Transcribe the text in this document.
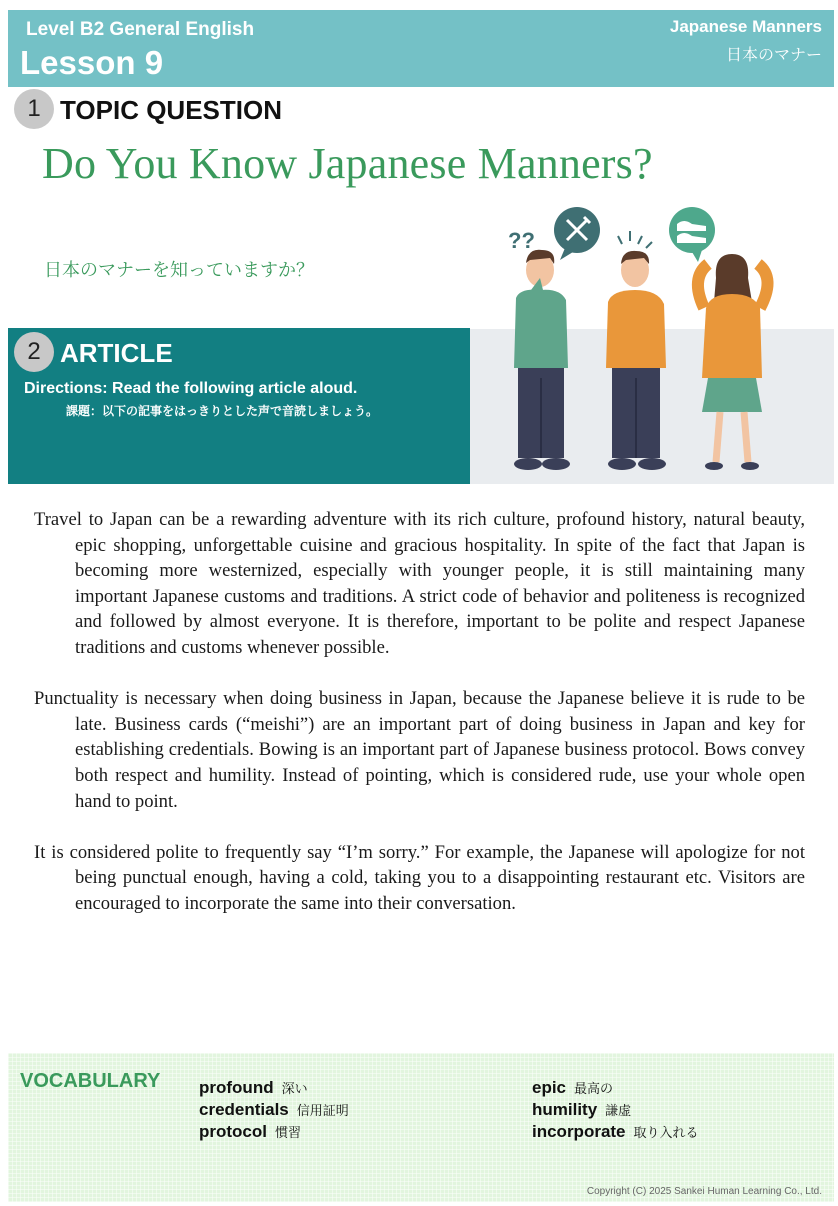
Level B2 General English
Lesson 9
Japanese Manners
日本のマナー
1 TOPIC QUESTION
Do You Know Japanese Manners?
日本のマナーを知っていますか？
2 ARTICLE
Directions: Read the following article aloud.
課題：以下の記事をはっきりとした声で音読しましょう。
??

Travel to Japan can be a rewarding adventure with its rich culture, profound history, natural beauty, epic shopping, unforgettable cuisine and gracious hospitality. In spite of the fact that Japan is becoming more westernized, especially with younger people, it is still maintaining many important Japanese customs and traditions. A strict code of behavior and politeness is recognized and followed by almost everyone. It is therefore, important to be polite and respect Japanese traditions and customs whenever possible.

Punctuality is necessary when doing business in Japan, because the Japanese believe it is rude to be late. Business cards (“meishi”) are an important part of doing business in Japan and key for establishing credentials. Bowing is an important part of Japanese business protocol. Bows convey both respect and humility. Instead of pointing, which is considered rude, use your whole open hand to point.

It is considered polite to frequently say “I’m sorry.” For example, the Japanese will apologize for not being punctual enough, having a cold, taking you to a disappointing restaurant etc. Visitors are encouraged to incorporate the same into their conversation.

VOCABULARY profound 深い
credentials 信用証明
protocol 慣習
epic 最高の
humility 謙虚
incorporate 取り入れる
Copyright (C) 2025 Sankei Human Learning Co., Ltd.
